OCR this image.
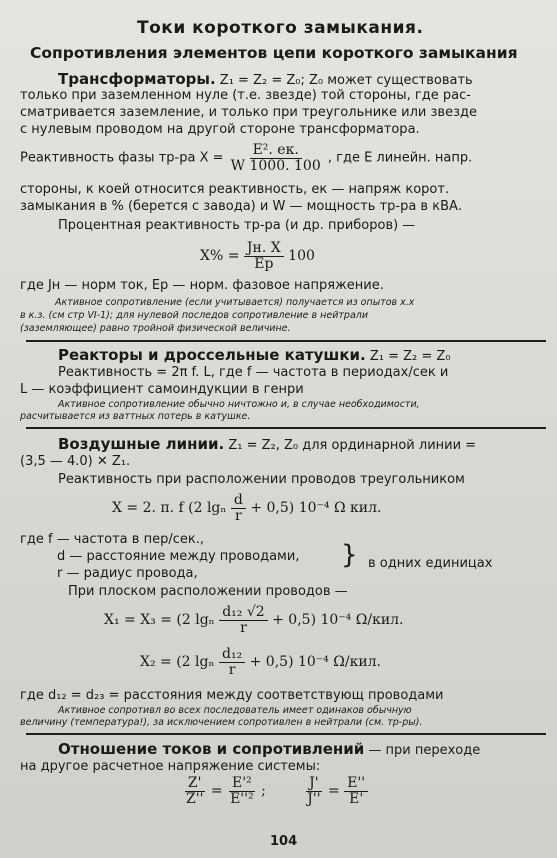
Токи короткого замыкания.
Сопротивления элементов цепи короткого замыкания
Трансформаторы. Z₁ = Z₂ = Z₀; Z₀ может существовать
только при заземленном нуле (т.е. звезде) той стороны, где рас-
сматривается заземление, и только при треугольнике или звезде
с нулевым проводом на другой стороне трансформатора.
Реактивность фазы тр-ра $X = \frac{\text{E². eк.}}{W 1000. 100}$ , где E линейн. напр.
стороны, к коей относится реактивность, eк — напряж корот.
замыкания в % (берется с завода) и W — мощность тр-ра в кВА.
Процентная реактивность тр-ра (и др. приборов) —
$X\% = \frac{Jн. X}{Eр} 100$
где Jн — норм ток, Eр — норм. фазовое напряжение.
Активное сопротивление (если учитывается) получается из опытов х.х
в к.з. (см стр VI-1); для нулевой последов сопротивление в нейтрали
(заземляющее) равно тройной физической величине.
Реакторы и дроссельные катушки. Z₁ = Z₂ = Z₀
Реактивность = 2π f. L, где f — частота в периодах/сек и
L — коэффициент самоиндукции в генри
Активное сопротивление обычно ничтожно и, в случае необходимости,
расчитывается из ваттных потерь в катушке.
Воздушные линии. Z₁ = Z₂, Z₀ для ординарной линии =
(3,5 — 4.0) ✕ Z₁.
Реактивность при расположении проводов треугольником
X = 2. π. f (2 lgₙ $\frac{d}{r} + 0,5$) 10⁻⁴ Ω кил.
где f — частота в пер/сек.,
d — расстояние между проводами,
r — радиус провода,
} в одних единицах
При плоском расположении проводов —
X₁ = X₃ = (2 lgₙ $\frac{\text{d₁₂ √2}}{r} + 0,5$) 10⁻⁴ Ω/кил.
X₂ = (2 lgₙ $\frac{\text{d₁₂}}{r} + 0,5$) 10⁻⁴ Ω/кил.
где d₁₂ = d₂₃ = расстояния между соответствующ проводами
Активное сопротивл во всех последователь имеет одинаков обычную
величину (температура!), за исключением сопротивлен в нейтрали (см. тр-ры).
Отношение токов и сопротивлений — при переходе
на другое расчетное напряжение системы:
$\frac{Z'}{Z''} = \frac{\text{E'²}}{\text{E''²}}$ ;	$\frac{J'}{J''} = \frac{E''}{E'}$
104
